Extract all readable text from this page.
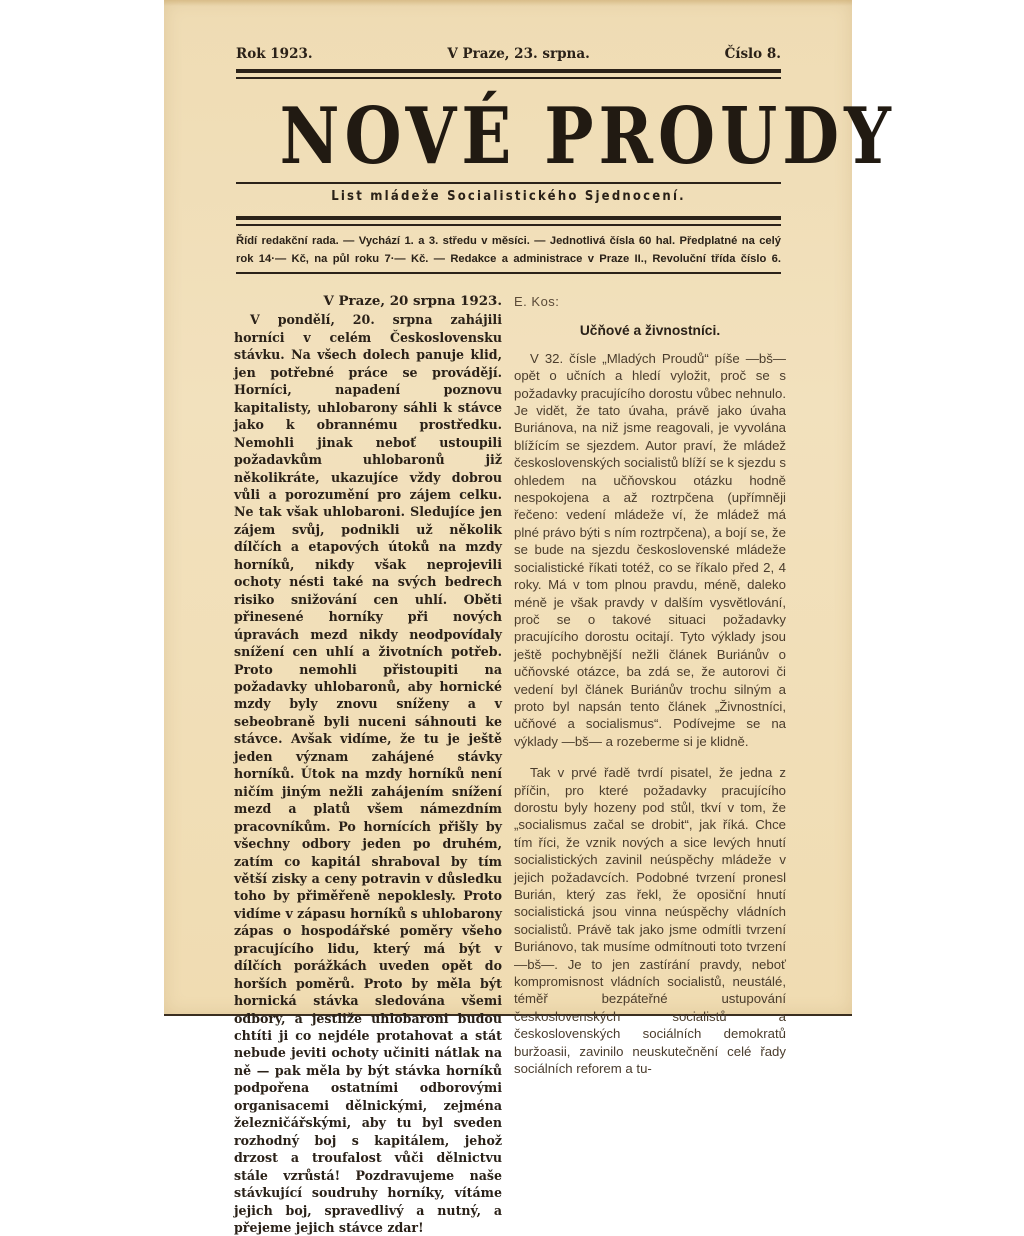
Rok 1923.	V Praze, 23. srpna.	Číslo 8.
NOVÉ PROUDY
List mládeže Socialistického Sjednocení.
Řídí redakční rada. — Vychází 1. a 3. středu v měsíci. — Jednotlivá čísla 60 hal. Předplatné na celý
rok 14·— Kč, na půl roku 7·— Kč. — Redakce a administrace v Praze II., Revoluční třída číslo 6.

V Praze, 20 srpna 1923.

V pondělí, 20. srpna zahájili horníci v celém Československu stávku. Na všech dolech panuje klid, jen potřebné práce se provádějí. Horníci, napadení poznovu kapitalisty, uhlobarony sáhli k stávce jako k obrannému prostředku. Nemohli jinak neboť ustoupili požadavkům uhlobaronů již několikráte, ukazujíce vždy dobrou vůli a porozumění pro zájem celku. Ne tak však uhlobaroni. Sledujíce jen zájem svůj, podnikli už několik dílčích a etapových útoků na mzdy horníků, nikdy však neprojevili ochoty nésti také na svých bedrech risiko snižování cen uhlí. Oběti přinesené horníky při nových úpravách mezd nikdy neodpovídaly snížení cen uhlí a životních potřeb. Proto nemohli přistoupiti na požadavky uhlobaronů, aby hornické mzdy byly znovu sníženy a v sebeobraně byli nuceni sáhnouti ke stávce. Avšak vidíme, že tu je ještě jeden význam zahájené stávky horníků. Útok na mzdy horníků není ničím jiným nežli zahájením snížení mezd a platů všem námezdním pracovníkům. Po hornících přišly by všechny odbory jeden po druhém, zatím co kapitál shraboval by tím větší zisky a ceny potravin v důsledku toho by přiměřeně nepoklesly. Proto vidíme v zápasu horníků s uhlobarony zápas o hospodářské poměry všeho pracujícího lidu, který má být v dílčích porážkách uveden opět do horších poměrů. Proto by měla být hornická stávka sledována všemi odbory, a jestliže uhlobaroni budou chtíti ji co nejdéle protahovat a stát nebude jeviti ochoty učiniti nátlak na ně — pak měla by být stávka horníků podpořena ostatními odborovými organisacemi dělnickými, zejména železničářskými, aby tu byl sveden rozhodný boj s kapitálem, jehož drzost a troufalost vůči dělnictvu stále vzrůstá! Pozdravujeme naše stávkující soudruhy horníky, vítáme jejich boj, spravedlivý a nutný, a přejeme jejich stávce zdar!

E. Kos:

Učňové a živnostníci.

V 32. čísle „Mladých Proudů“ píše —bš— opět o učních a hledí vyložit, proč se s požadavky pracujícího dorostu vůbec nehnulo. Je vidět, že tato úvaha, právě jako úvaha Buriánova, na niž jsme reagovali, je vyvolána blížícím se sjezdem. Autor praví, že mládež československých socialistů blíží se k sjezdu s ohledem na učňovskou otázku hodně nespokojena a až roztrpčena (upřímněji řečeno: vedení mládeže ví, že mládež má plné právo býti s ním roztrpčena), a bojí se, že se bude na sjezdu československé mládeže socialistické říkati totéž, co se říkalo před 2, 4 roky. Má v tom plnou pravdu, méně, daleko méně je však pravdy v dalším vysvětlování, proč se o takové situaci požadavky pracujícího dorostu ocitají. Tyto výklady jsou ještě pochybnější nežli článek Buriánův o učňovské otázce, ba zdá se, že autorovi či vedení byl článek Buriánův trochu silným a proto byl napsán tento článek „Živnostníci, učňové a socialismus“. Podívejme se na výklady —bš— a rozeberme si je klidně.

Tak v prvé řadě tvrdí pisatel, že jedna z příčin, pro které požadavky pracujícího dorostu byly hozeny pod stůl, tkví v tom, že „socialismus začal se drobit“, jak říká. Chce tím říci, že vznik nových a sice levých hnutí socialistických zavinil neúspěchy mládeže v jejich požadavcích. Podobné tvrzení pronesl Burián, který zas řekl, že oposiční hnutí socialistická jsou vinna neúspěchy vládních socialistů. Právě tak jako jsme odmítli tvrzení Buriánovo, tak musíme odmítnouti toto tvrzení —bš—. Je to jen zastírání pravdy, neboť kompromisnost vládních socialistů, neustálé, téměř bezpáteřné ustupování československých socialistů a československých sociálních demokratů buržoasii, zavinilo neuskutečnění celé řady sociálních reforem a tu-
